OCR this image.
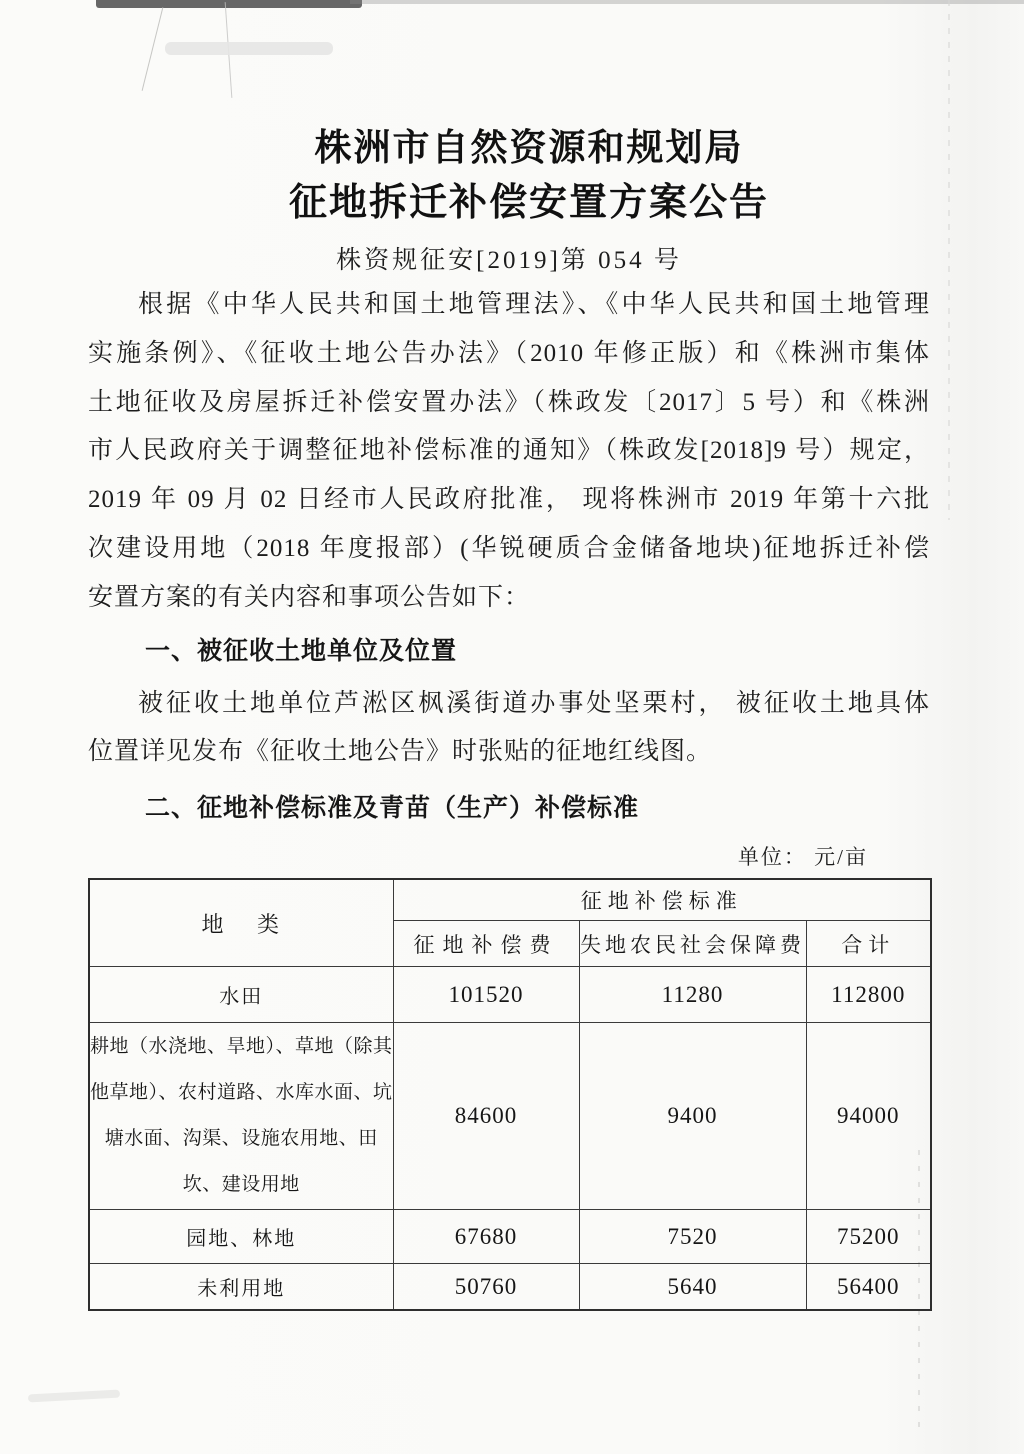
株洲市自然资源和规划局
征地拆迁补偿安置方案公告
株资规征安[2019]第 054 号
根据《中华人民共和国土地管理法》、《中华人民共和国土地管理
实施条例》、《征收土地公告办法》（2010 年修正版）和《株洲市集体
土地征收及房屋拆迁补偿安置办法》（株政发〔2017〕5 号）和《株洲
市人民政府关于调整征地补偿标准的通知》（株政发[2018]9 号）规定，
2019 年 09 月 02 日经市人民政府批准， 现将株洲市 2019 年第十六批
次建设用地（2018 年度报部）(华锐硬质合金储备地块)征地拆迁补偿
安置方案的有关内容和事项公告如下：
一、被征收土地单位及位置
被征收土地单位芦淞区枫溪街道办事处坚栗村， 被征收土地具体
位置详见发布《征收土地公告》时张贴的征地红线图。
二、征地补偿标准及青苗（生产）补偿标准
单位： 元/亩
地　 类	征地补偿标准		
	征地补偿费	失地农民社会保障费	合计
水田	101520	11280	112800
耕地（水浇地、旱地）、草地（除其他草地）、农村道路、水库水面、坑塘水面、沟渠、设施农用地、田坎、建设用地	84600	9400	94000
园地、林地	67680	7520	75200
未利用地	50760	5640	56400
